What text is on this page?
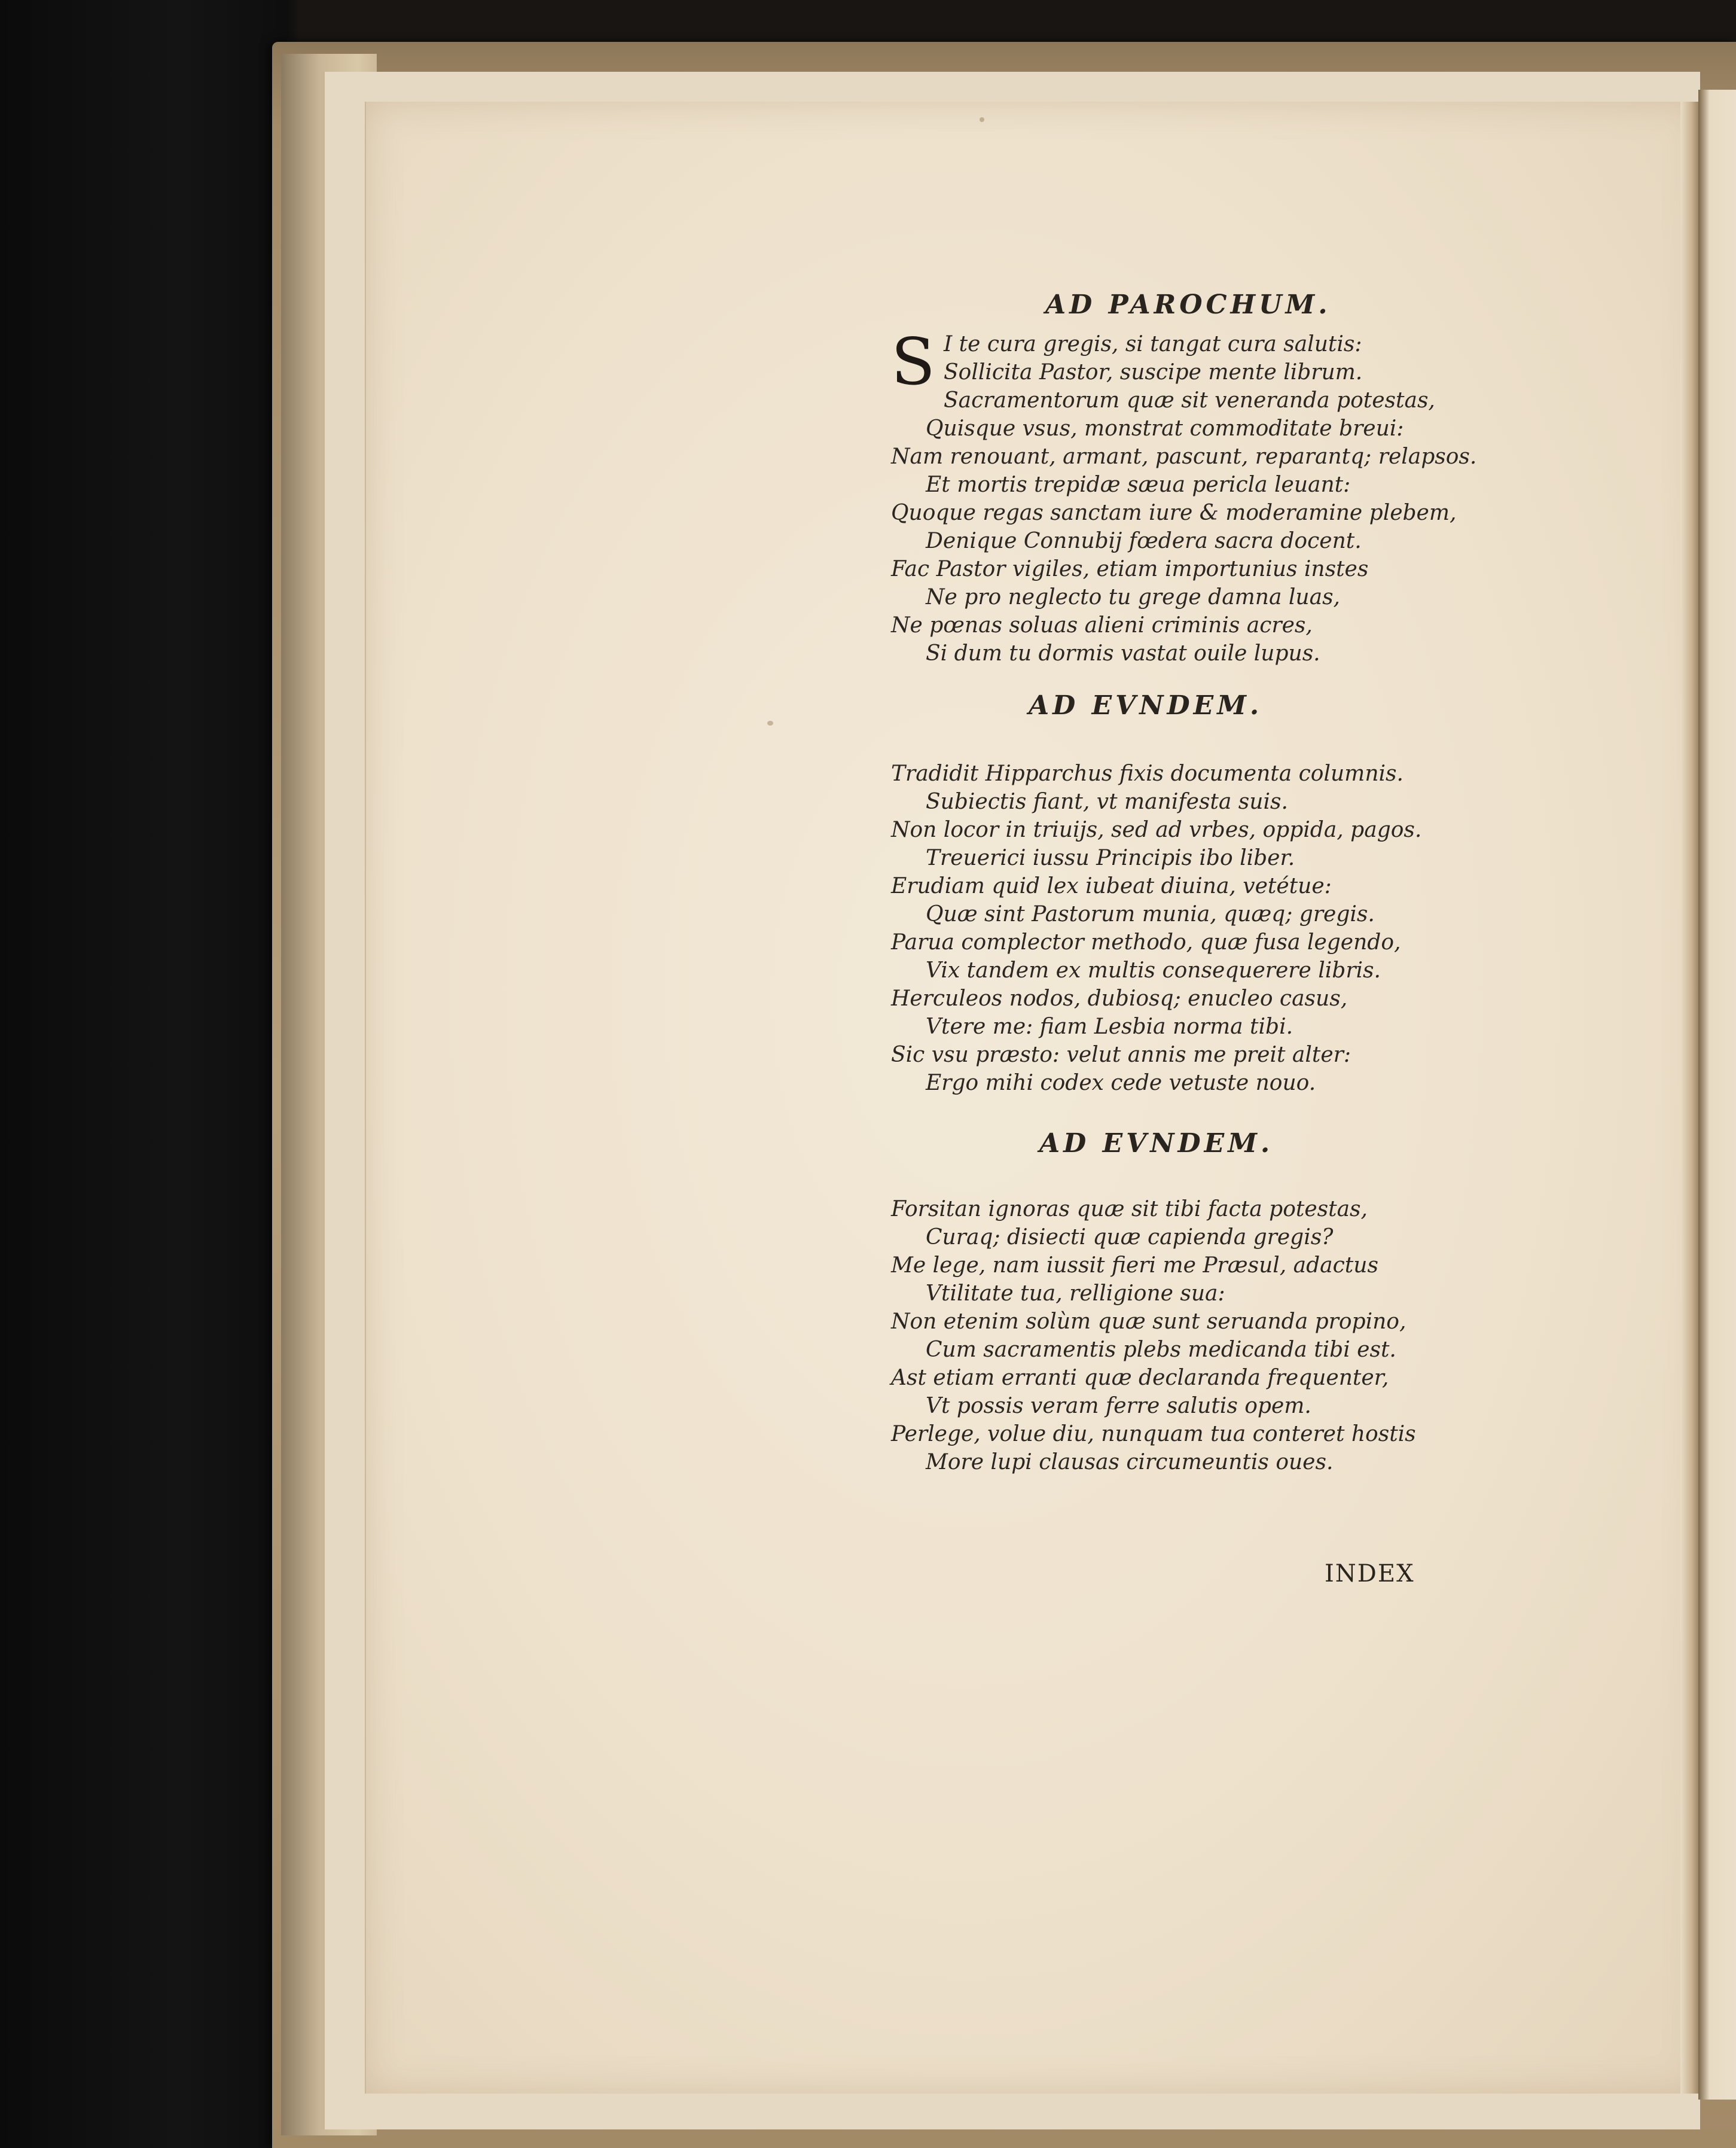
AD PAROCHUM.
S I te cura gregis, si tangat cura salutis:
Sollicita Pastor, suscipe mente librum.
Sacramentorum quæ sit veneranda potestas,
Quisque vsus, monstrat commoditate breui:
Nam renouant, armant, pascunt, reparantq; relapsos.
Et mortis trepidæ sæua pericla leuant:
Quoque regas sanctam iure & moderamine plebem,
Denique Connubij fœdera sacra docent.
Fac Pastor vigiles, etiam importunius instes
Ne pro neglecto tu grege damna luas,
Ne pœnas soluas alieni criminis acres,
Si dum tu dormis vastat ouile lupus.
AD EVNDEM.
Tradidit Hipparchus fixis documenta columnis.
Subiectis fiant, vt manifesta suis.
Non locor in triuijs, sed ad vrbes, oppida, pagos.
Treuerici iussu Principis ibo liber.
Erudiam quid lex iubeat diuina, vetétue:
Quæ sint Pastorum munia, quæq; gregis.
Parua complector methodo, quæ fusa legendo,
Vix tandem ex multis consequerere libris.
Herculeos nodos, dubiosq; enucleo casus,
Vtere me: fiam Lesbia norma tibi.
Sic vsu præsto: velut annis me preit alter:
Ergo mihi codex cede vetuste nouo.
AD EVNDEM.
Forsitan ignoras quæ sit tibi facta potestas,
Curaq; disiecti quæ capienda gregis?
Me lege, nam iussit fieri me Præsul, adactus
Vtilitate tua, relligione sua:
Non etenim solùm quæ sunt seruanda propino,
Cum sacramentis plebs medicanda tibi est.
Ast etiam erranti quæ declaranda frequenter,
Vt possis veram ferre salutis opem.
Perlege, volue diu, nunquam tua conteret hostis
More lupi clausas circumeuntis oues.
INDEX
